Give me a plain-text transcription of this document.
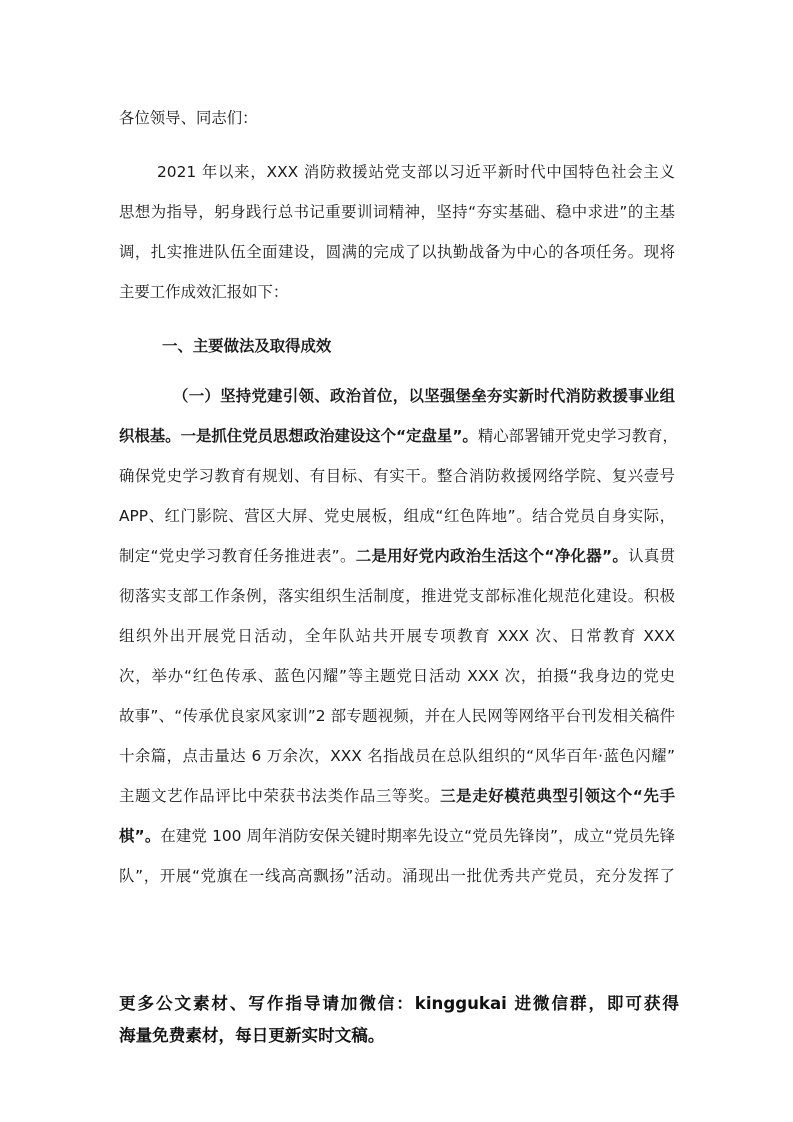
各位领导、同志们：
2021 年以来，XXX 消防救援站党支部以习近平新时代中国特色社会主义
思想为指导，躬身践行总书记重要训词精神，坚持“夯实基础、稳中求进”的主基
调，扎实推进队伍全面建设，圆满的完成了以执勤战备为中心的各项任务。现将
主要工作成效汇报如下：
一、主要做法及取得成效
（一）坚持党建引领、政治首位，以坚强堡垒夯实新时代消防救援事业组
织根基。一是抓住党员思想政治建设这个“定盘星”。精心部署铺开党史学习教育，
确保党史学习教育有规划、有目标、有实干。整合消防救援网络学院、复兴壹号
APP、红门影院、营区大屏、党史展板，组成“红色阵地”。结合党员自身实际，
制定“党史学习教育任务推进表”。二是用好党内政治生活这个“净化器”。认真贯
彻落实支部工作条例，落实组织生活制度，推进党支部标准化规范化建设。积极
组织外出开展党日活动，全年队站共开展专项教育 XXX 次、日常教育 XXX
次，举办“红色传承、蓝色闪耀”等主题党日活动 XXX 次，拍摄“我身边的党史
故事”、“传承优良家风家训”2 部专题视频，并在人民网等网络平台刊发相关稿件
十余篇，点击量达 6 万余次，XXX 名指战员在总队组织的“风华百年·蓝色闪耀”
主题文艺作品评比中荣获书法类作品三等奖。三是走好模范典型引领这个“先手
棋”。在建党 100 周年消防安保关键时期率先设立“党员先锋岗”，成立“党员先锋
队”，开展“党旗在一线高高飘扬”活动。涌现出一批优秀共产党员，充分发挥了
更多公文素材、写作指导请加微信：kinggukai 进微信群，即可获得
海量免费素材，每日更新实时文稿。
